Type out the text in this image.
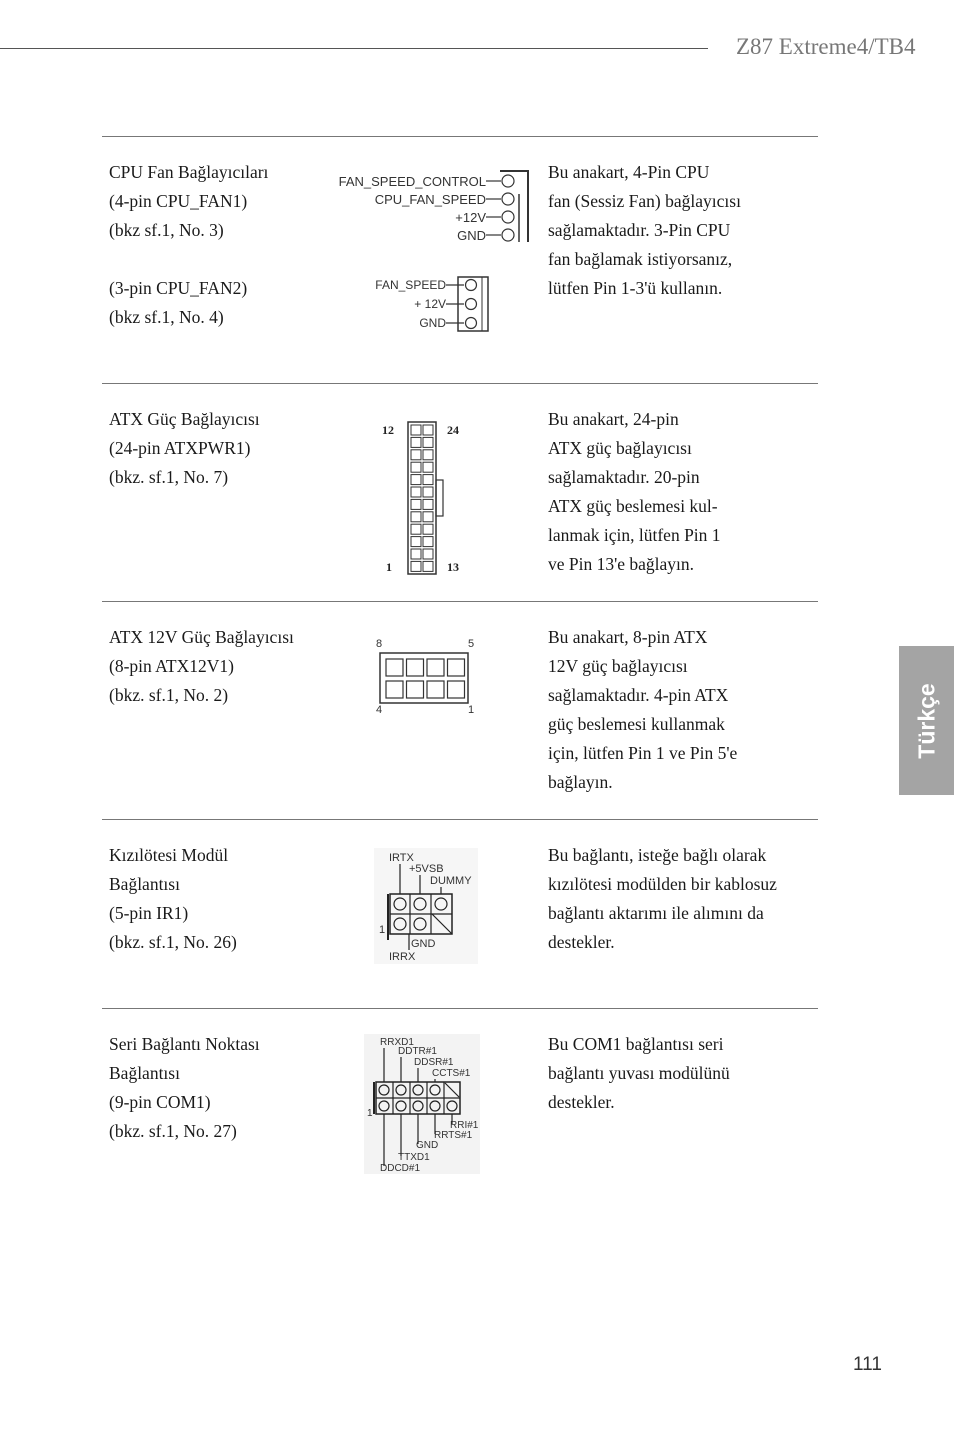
Z87 Extreme4/TB4
Türkçe
CPU Fan Bağlayıcıları
(4-pin CPU_FAN1)
(bkz sf.1, No. 3)
(3-pin CPU_FAN2)
(bkz sf.1, No. 4)
Bu anakart, 4-Pin CPU
fan (Sessiz Fan) bağlayıcısı
sağlamaktadır. 3-Pin CPU
fan bağlamak istiyorsanız,
lütfen Pin 1-3'ü kullanın.
FAN_SPEED_CONTROL
CPU_FAN_SPEED
+12V
GND
FAN_SPEED
+ 12V
GND
ATX Güç Bağlayıcısı
(24-pin ATXPWR1)
(bkz. sf.1, No. 7)
Bu anakart, 24-pin
ATX güç bağlayıcısı
sağlamaktadır. 20-pin
ATX güç beslemesi kul-
lanmak için, lütfen Pin 1
ve Pin 13'e bağlayın.
12	24
1	13
ATX 12V Güç Bağlayıcısı
(8-pin ATX12V1)
(bkz. sf.1, No. 2)
Bu anakart, 8-pin ATX
12V güç bağlayıcısı
sağlamaktadır. 4-pin ATX
güç beslemesi kullanmak
için, lütfen Pin 1 ve Pin 5'e
bağlayın.
8	5
4	1
Kızılötesi Modül
Bağlantısı
(5-pin IR1)
(bkz. sf.1, No. 26)
Bu bağlantı, isteğe bağlı olarak
kızılötesi modülden bir kablosuz
bağlantı aktarımı ile alımını da
destekler.
IRTX
+5VSB
DUMMY
1
GND
IRRX
Seri Bağlantı Noktası
Bağlantısı
(9-pin COM1)
(bkz. sf.1, No. 27)
Bu COM1 bağlantısı seri
bağlantı yuvası modülünü
destekler.
RRXD1
DDTR#1
DDSR#1
CCTS#1
1
RRI#1
RRTS#1
GND
TTXD1
DDCD#1
111
